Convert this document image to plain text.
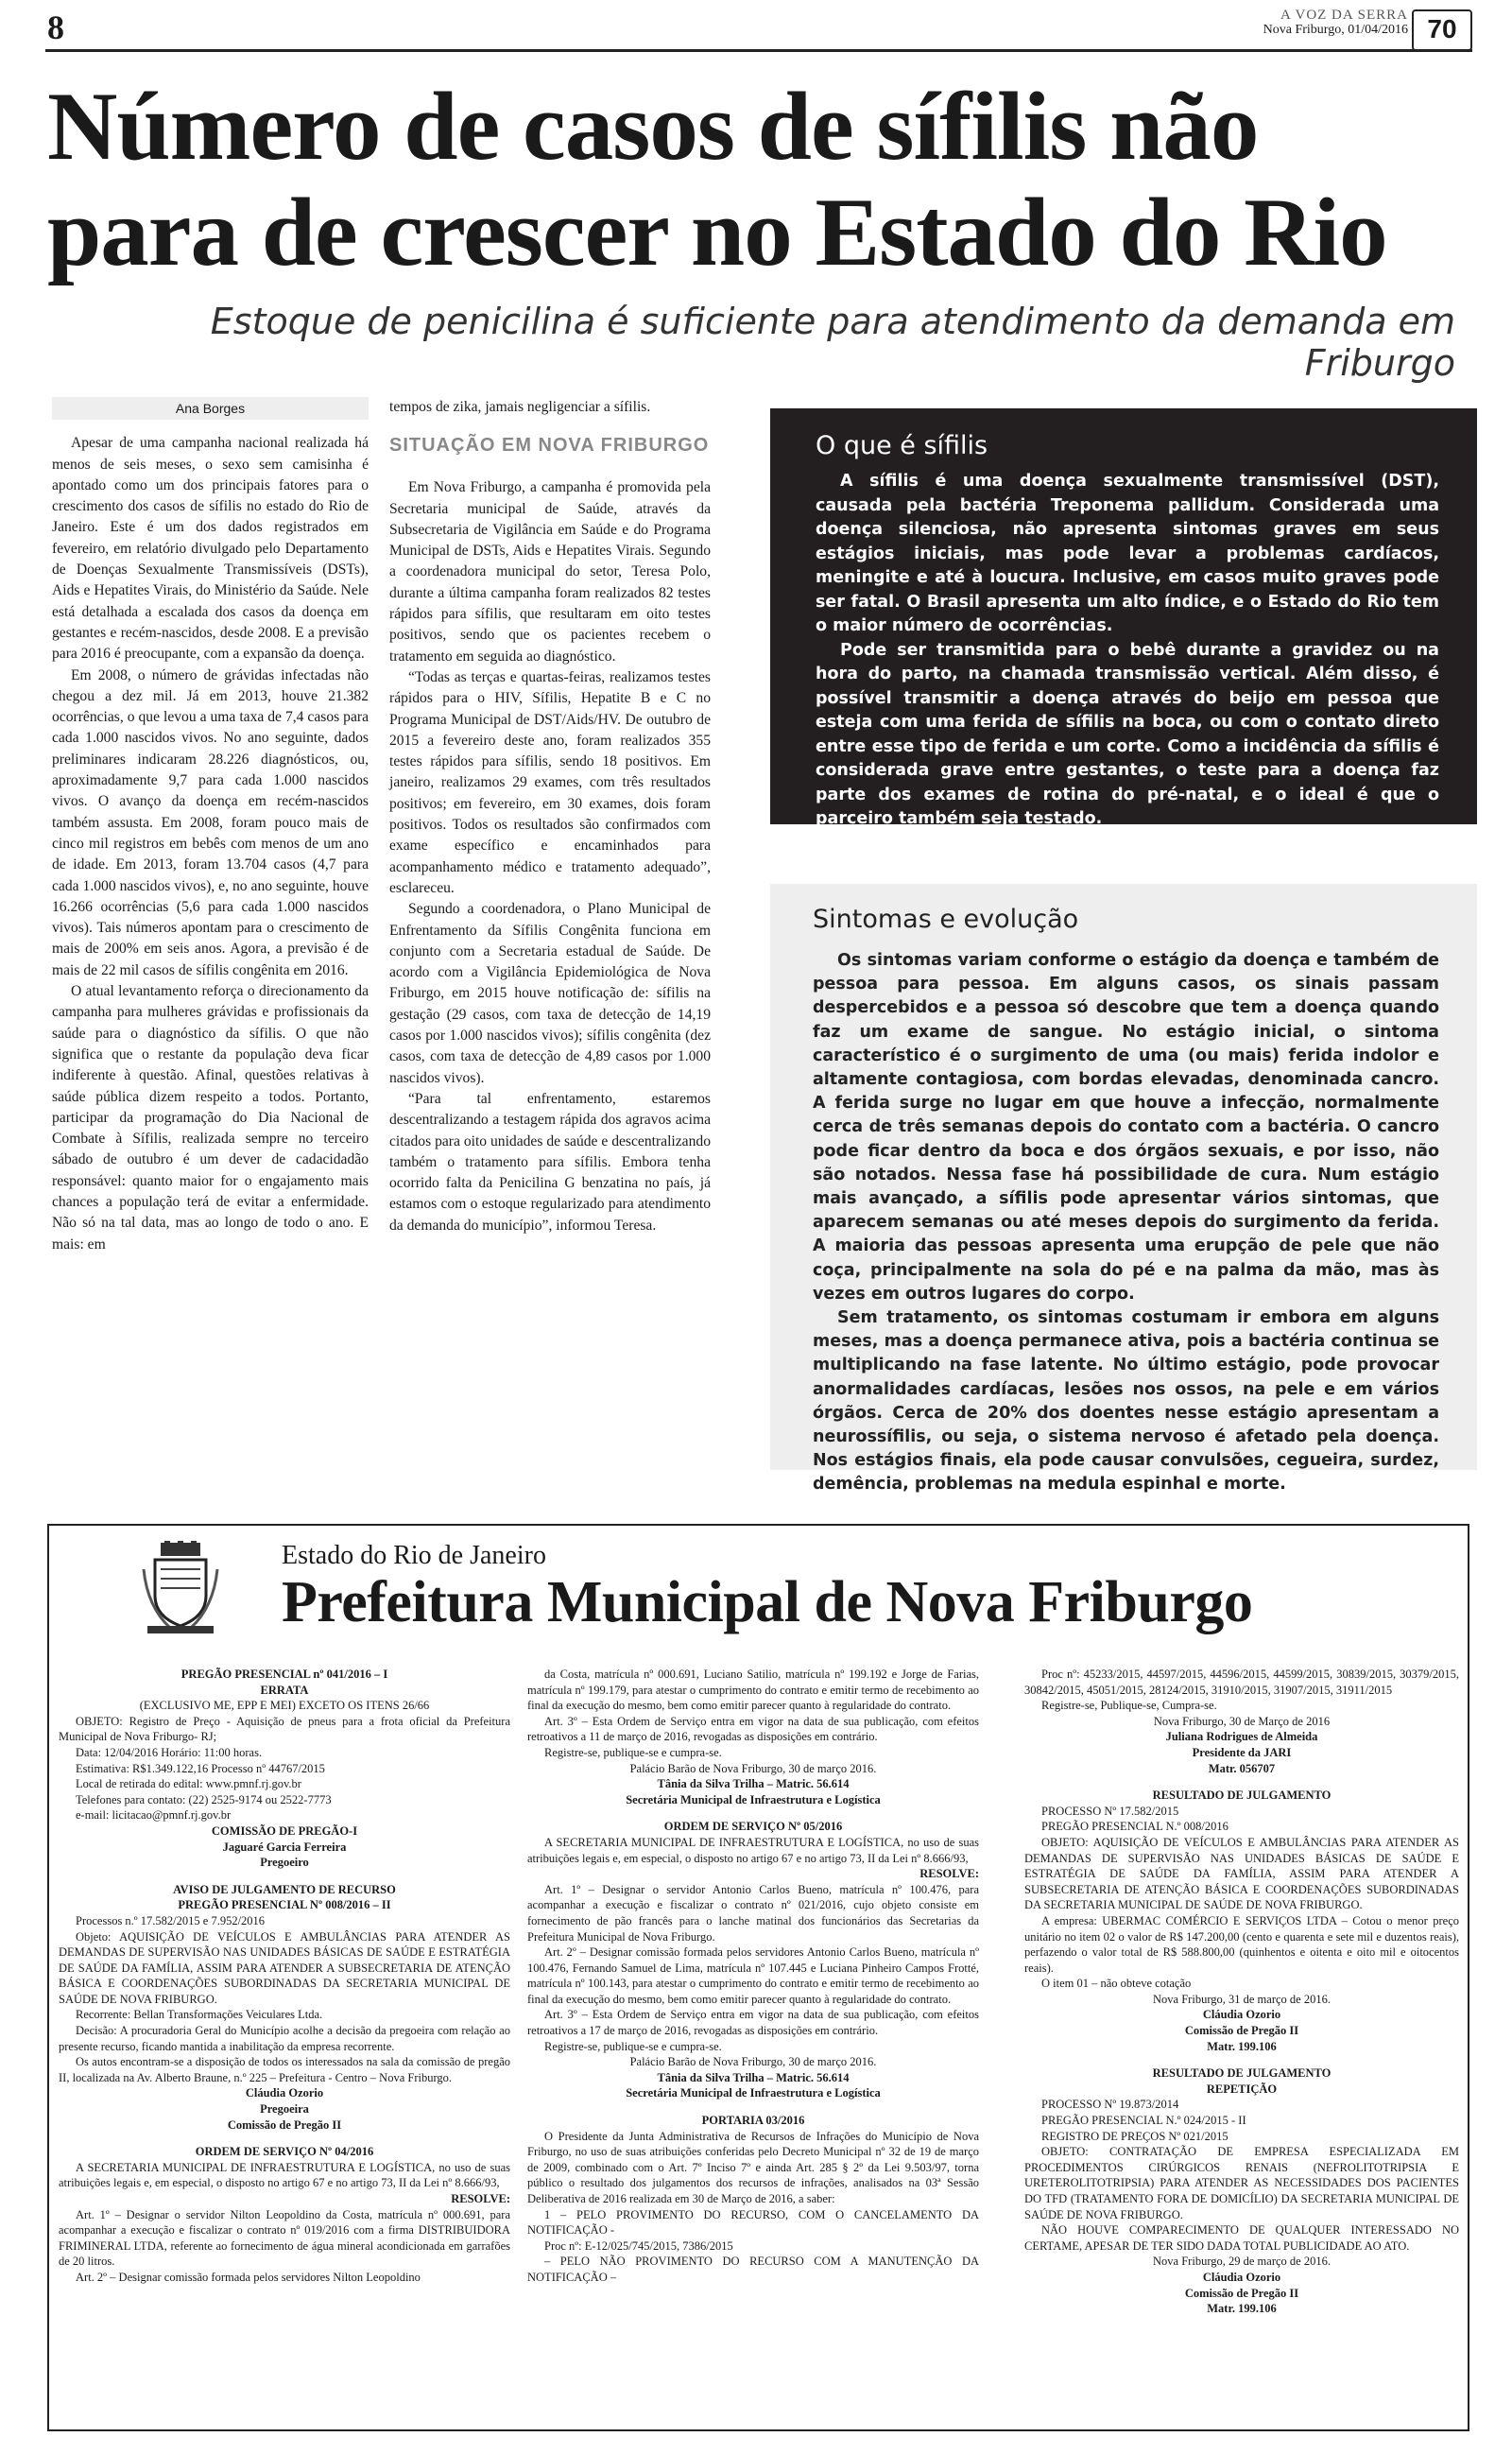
8	A VOZ DA SERRA
Nova Friburgo, 01/04/2016 70
Número de casos de sífilis não
para de crescer no Estado do Rio
Estoque de penicilina é suficiente para atendimento da demanda em Friburgo
Ana Borges

Apesar de uma campanha nacional realizada há menos de seis meses, o sexo sem camisinha é apontado como um dos principais fatores para o crescimento dos casos de sífilis no estado do Rio de Janeiro. Este é um dos dados registrados em fevereiro, em relatório divulgado pelo Departamento de Doenças Sexualmente Transmissíveis (DSTs), Aids e Hepatites Virais, do Ministério da Saúde. Nele está detalhada a escalada dos casos da doença em gestantes e recém-nascidos, desde 2008. E a previsão para 2016 é preocupante, com a expansão da doença.

Em 2008, o número de grávidas infectadas não chegou a dez mil. Já em 2013, houve 21.382 ocorrências, o que levou a uma taxa de 7,4 casos para cada 1.000 nascidos vivos. No ano seguinte, dados preliminares indicaram 28.226 diagnósticos, ou, aproximadamente 9,7 para cada 1.000 nascidos vivos. O avanço da doença em recém-nascidos também assusta. Em 2008, foram pouco mais de cinco mil registros em bebês com menos de um ano de idade. Em 2013, foram 13.704 casos (4,7 para cada 1.000 nascidos vivos), e, no ano seguinte, houve 16.266 ocorrências (5,6 para cada 1.000 nascidos vivos). Tais números apontam para o crescimento de mais de 200% em seis anos. Agora, a previsão é de mais de 22 mil casos de sífilis congênita em 2016.

O atual levantamento reforça o direcionamento da campanha para mulheres grávidas e profissionais da saúde para o diagnóstico da sífilis. O que não significa que o restante da população deva ficar indiferente à questão. Afinal, questões relativas à saúde pública dizem respeito a todos. Portanto, participar da programação do Dia Nacional de Combate à Sífilis, realizada sempre no terceiro sábado de outubro é um dever de cadacidadão responsável: quanto maior for o engajamento mais chances a população terá de evitar a enfermidade. Não só na tal data, mas ao longo de todo o ano. E mais: em

tempos de zika, jamais negligenciar a sífilis.

SITUAÇÃO EM NOVA FRIBURGO

Em Nova Friburgo, a campanha é promovida pela Secretaria municipal de Saúde, através da Subsecretaria de Vigilância em Saúde e do Programa Municipal de DSTs, Aids e Hepatites Virais. Segundo a coordenadora municipal do setor, Teresa Polo, durante a última campanha foram realizados 82 testes rápidos para sífilis, que resultaram em oito testes positivos, sendo que os pacientes recebem o tratamento em seguida ao diagnóstico.

“Todas as terças e quartas-feiras, realizamos testes rápidos para o HIV, Sífilis, Hepatite B e C no Programa Municipal de DST/Aids/HV. De outubro de 2015 a fevereiro deste ano, foram realizados 355 testes rápidos para sífilis, sendo 18 positivos. Em janeiro, realizamos 29 exames, com três resultados positivos; em fevereiro, em 30 exames, dois foram positivos. Todos os resultados são confirmados com exame específico e encaminhados para acompanhamento médico e tratamento adequado”, esclareceu.

Segundo a coordenadora, o Plano Municipal de Enfrentamento da Sífilis Congênita funciona em conjunto com a Secretaria estadual de Saúde. De acordo com a Vigilância Epidemiológica de Nova Friburgo, em 2015 houve notificação de: sífilis na gestação (29 casos, com taxa de detecção de 14,19 casos por 1.000 nascidos vivos); sífilis congênita (dez casos, com taxa de detecção de 4,89 casos por 1.000 nascidos vivos).

“Para tal enfrentamento, estaremos descentralizando a testagem rápida dos agravos acima citados para oito unidades de saúde e descentralizando também o tratamento para sífilis. Embora tenha ocorrido falta da Penicilina G benzatina no país, já estamos com o estoque regularizado para atendimento da demanda do município”, informou Teresa.

O que é sífilis

A sífilis é uma doença sexualmente transmissível (DST), causada pela bactéria Treponema pallidum. Considerada uma doença silenciosa, não apresenta sintomas graves em seus estágios iniciais, mas pode levar a problemas cardíacos, meningite e até à loucura. Inclusive, em casos muito graves pode ser fatal. O Brasil apresenta um alto índice, e o Estado do Rio tem o maior número de ocorrências.

Pode ser transmitida para o bebê durante a gravidez ou na hora do parto, na chamada transmissão vertical. Além disso, é possível transmitir a doença através do beijo em pessoa que esteja com uma ferida de sífilis na boca, ou com o contato direto entre esse tipo de ferida e um corte. Como a incidência da sífilis é considerada grave entre gestantes, o teste para a doença faz parte dos exames de rotina do pré-natal, e o ideal é que o parceiro também seja testado.

Sintomas e evolução

Os sintomas variam conforme o estágio da doença e também de pessoa para pessoa. Em alguns casos, os sinais passam despercebidos e a pessoa só descobre que tem a doença quando faz um exame de sangue. No estágio inicial, o sintoma característico é o surgimento de uma (ou mais) ferida indolor e altamente contagiosa, com bordas elevadas, denominada cancro. A ferida surge no lugar em que houve a infecção, normalmente cerca de três semanas depois do contato com a bactéria. O cancro pode ficar dentro da boca e dos órgãos sexuais, e por isso, não são notados. Nessa fase há possibilidade de cura. Num estágio mais avançado, a sífilis pode apresentar vários sintomas, que aparecem semanas ou até meses depois do surgimento da ferida. A maioria das pessoas apresenta uma erupção de pele que não coça, principalmente na sola do pé e na palma da mão, mas às vezes em outros lugares do corpo.

Sem tratamento, os sintomas costumam ir embora em alguns meses, mas a doença permanece ativa, pois a bactéria continua se multiplicando na fase latente. No último estágio, pode provocar anormalidades cardíacas, lesões nos ossos, na pele e em vários órgãos. Cerca de 20% dos doentes nesse estágio apresentam a neurossífilis, ou seja, o sistema nervoso é afetado pela doença. Nos estágios finais, ela pode causar convulsões, cegueira, surdez, demência, problemas na medula espinhal e morte.

Estado do Rio de Janeiro
Prefeitura Municipal de Nova Friburgo

PREGÃO PRESENCIAL nº 041/2016 – I

ERRATA

(EXCLUSIVO ME, EPP E MEI) EXCETO OS ITENS 26/66

OBJETO: Registro de Preço - Aquisição de pneus para a frota oficial da Prefeitura Municipal de Nova Friburgo- RJ;

Data: 12/04/2016 Horário: 11:00 horas.

Estimativa: R$1.349.122,16 Processo nº 44767/2015

Local de retirada do edital: www.pmnf.rj.gov.br

Telefones para contato: (22) 2525-9174 ou 2522-7773

e-mail: licitacao@pmnf.rj.gov.br

COMISSÃO DE PREGÃO-I

Jaguaré Garcia Ferreira

Pregoeiro

AVISO DE JULGAMENTO DE RECURSO

PREGÃO PRESENCIAL Nº 008/2016 – II

Processos n.º 17.582/2015 e 7.952/2016

Objeto: AQUISIÇÃO DE VEÍCULOS E AMBULÂNCIAS PARA ATENDER AS DEMANDAS DE SUPERVISÃO NAS UNIDADES BÁSICAS DE SAÚDE E ESTRATÉGIA DE SAÚDE DA FAMÍLIA, ASSIM PARA ATENDER A SUBSECRETARIA DE ATENÇÃO BÁSICA E COORDENAÇÕES SUBORDINADAS DA SECRETARIA MUNICIPAL DE SAÚDE DE NOVA FRIBURGO.

Recorrente: Bellan Transformações Veiculares Ltda.

Decisão: A procuradoria Geral do Município acolhe a decisão da pregoeira com relação ao presente recurso, ficando mantida a inabilitação da empresa recorrente.

Os autos encontram-se a disposição de todos os interessados na sala da comissão de pregão II, localizada na Av. Alberto Braune, n.º 225 – Prefeitura - Centro – Nova Friburgo.

Cláudia Ozorio

Pregoeira

Comissão de Pregão II

ORDEM DE SERVIÇO Nº 04/2016

A SECRETARIA MUNICIPAL DE INFRAESTRUTURA E LOGÍSTICA, no uso de suas atribuições legais e, em especial, o disposto no artigo 67 e no artigo 73, II da Lei nº 8.666/93,

RESOLVE:

Art. 1º – Designar o servidor Nilton Leopoldino da Costa, matrícula nº 000.691, para acompanhar a execução e fiscalizar o contrato nº 019/2016 com a firma DISTRIBUIDORA FRIMINERAL LTDA, referente ao fornecimento de água mineral acondicionada em garrafões de 20 litros.

Art. 2º – Designar comissão formada pelos servidores Nilton Leopoldino

da Costa, matrícula nº 000.691, Luciano Satilio, matrícula nº 199.192 e Jorge de Farias, matrícula nº 199.179, para atestar o cumprimento do contrato e emitir termo de recebimento ao final da execução do mesmo, bem como emitir parecer quanto à regularidade do contrato.

Art. 3º – Esta Ordem de Serviço entra em vigor na data de sua publicação, com efeitos retroativos a 11 de março de 2016, revogadas as disposições em contrário.

Registre-se, publique-se e cumpra-se.

Palácio Barão de Nova Friburgo, 30 de março 2016.

Tânia da Silva Trilha – Matric. 56.614

Secretária Municipal de Infraestrutura e Logística

ORDEM DE SERVIÇO Nº 05/2016

A SECRETARIA MUNICIPAL DE INFRAESTRUTURA E LOGÍSTICA, no uso de suas atribuições legais e, em especial, o disposto no artigo 67 e no artigo 73, II da Lei nº 8.666/93,

RESOLVE:

Art. 1º – Designar o servidor Antonio Carlos Bueno, matrícula nº 100.476, para acompanhar a execução e fiscalizar o contrato nº 021/2016, cujo objeto consiste em fornecimento de pão francês para o lanche matinal dos funcionários das Secretarias da Prefeitura Municipal de Nova Friburgo.

Art. 2º – Designar comissão formada pelos servidores Antonio Carlos Bueno, matrícula nº 100.476, Fernando Samuel de Lima, matrícula nº 107.445 e Luciana Pinheiro Campos Frotté, matrícula nº 100.143, para atestar o cumprimento do contrato e emitir termo de recebimento ao final da execução do mesmo, bem como emitir parecer quanto à regularidade do contrato.

Art. 3º – Esta Ordem de Serviço entra em vigor na data de sua publicação, com efeitos retroativos a 17 de março de 2016, revogadas as disposições em contrário.

Registre-se, publique-se e cumpra-se.

Palácio Barão de Nova Friburgo, 30 de março 2016.

Tânia da Silva Trilha – Matric. 56.614

Secretária Municipal de Infraestrutura e Logística

PORTARIA 03/2016

O Presidente da Junta Administrativa de Recursos de Infrações do Município de Nova Friburgo, no uso de suas atribuições conferidas pelo Decreto Municipal nº 32 de 19 de março de 2009, combinado com o Art. 7º Inciso 7º e ainda Art. 285 § 2º da Lei 9.503/97, torna público o resultado dos julgamentos dos recursos de infrações, analisados na 03ª Sessão Deliberativa de 2016 realizada em 30 de Março de 2016, a saber:

1 – PELO PROVIMENTO DO RECURSO, COM O CANCELAMENTO DA NOTIFICAÇÃO -

Proc nº: E-12/025/745/2015, 7386/2015

– PELO NÃO PROVIMENTO DO RECURSO COM A MANUTENÇÃO DA NOTIFICAÇÃO –

Proc nº: 45233/2015, 44597/2015, 44596/2015, 44599/2015, 30839/2015, 30379/2015, 30842/2015, 45051/2015, 28124/2015, 31910/2015, 31907/2015, 31911/2015

Registre-se, Publique-se, Cumpra-se.

Nova Friburgo, 30 de Março de 2016

Juliana Rodrigues de Almeida

Presidente da JARI

Matr. 056707

RESULTADO DE JULGAMENTO

PROCESSO Nº 17.582/2015

PREGÃO PRESENCIAL N.º 008/2016

OBJETO: AQUISIÇÃO DE VEÍCULOS E AMBULÂNCIAS PARA ATENDER AS DEMANDAS DE SUPERVISÃO NAS UNIDADES BÁSICAS DE SAÚDE E ESTRATÉGIA DE SAÚDE DA FAMÍLIA, ASSIM PARA ATENDER A SUBSECRETARIA DE ATENÇÃO BÁSICA E COORDENAÇÕES SUBORDINADAS DA SECRETARIA MUNICIPAL DE SAÚDE DE NOVA FRIBURGO.

A empresa: UBERMAC COMÉRCIO E SERVIÇOS LTDA – Cotou o menor preço unitário no item 02 o valor de R$ 147.200,00 (cento e quarenta e sete mil e duzentos reais), perfazendo o valor total de R$ 588.800,00 (quinhentos e oitenta e oito mil e oitocentos reais).

O item 01 – não obteve cotação

Nova Friburgo, 31 de março de 2016.

Cláudia Ozorio

Comissão de Pregão II

Matr. 199.106

RESULTADO DE JULGAMENTO

REPETIÇÃO

PROCESSO Nº 19.873/2014

PREGÃO PRESENCIAL N.º 024/2015 - II

REGISTRO DE PREÇOS Nº 021/2015

OBJETO: CONTRATAÇÃO DE EMPRESA ESPECIALIZADA EM PROCEDIMENTOS CIRÚRGICOS RENAIS (NEFROLITOTRIPSIA E URETEROLITOTRIPSIA) PARA ATENDER AS NECESSIDADES DOS PACIENTES DO TFD (TRATAMENTO FORA DE DOMICÍLIO) DA SECRETARIA MUNICIPAL DE SAÚDE DE NOVA FRIBURGO.

NÃO HOUVE COMPARECIMENTO DE QUALQUER INTERESSADO NO CERTAME, APESAR DE TER SIDO DADA TOTAL PUBLICIDADE AO ATO.

Nova Friburgo, 29 de março de 2016.

Cláudia Ozorio

Comissão de Pregão II

Matr. 199.106
